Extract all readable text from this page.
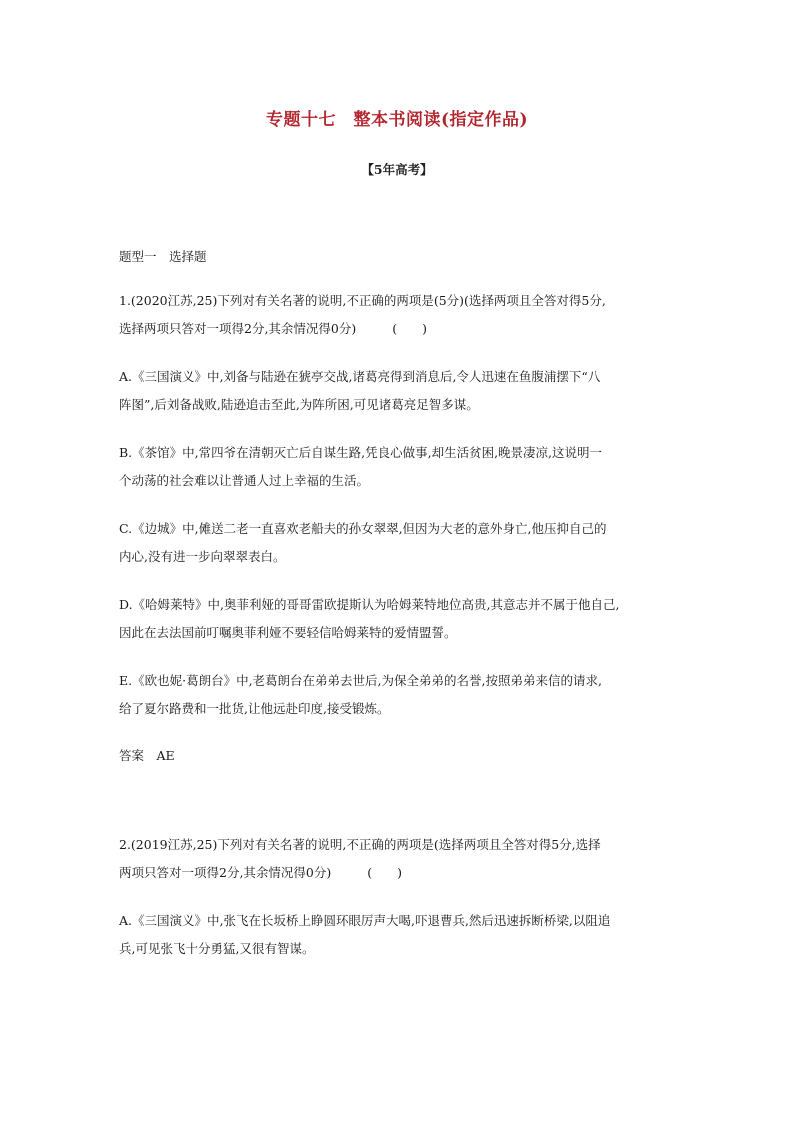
专题十七　整本书阅读(指定作品)
【5年高考】
题型一　选择题
1.(2020江苏,25)下列对有关名著的说明,不正确的两项是(5分)(选择两项且全答对得5分,
选择两项只答对一项得2分,其余情况得0分)	(　　)
A.《三国演义》中,刘备与陆逊在猇亭交战,诸葛亮得到消息后,令人迅速在鱼腹浦摆下“八
阵图”,后刘备战败,陆逊追击至此,为阵所困,可见诸葛亮足智多谋。
B.《茶馆》中,常四爷在清朝灭亡后自谋生路,凭良心做事,却生活贫困,晚景凄凉,这说明一
个动荡的社会难以让普通人过上幸福的生活。
C.《边城》中,傩送二老一直喜欢老船夫的孙女翠翠,但因为大老的意外身亡,他压抑自己的
内心,没有进一步向翠翠表白。
D.《哈姆莱特》中,奥菲利娅的哥哥雷欧提斯认为哈姆莱特地位高贵,其意志并不属于他自己,
因此在去法国前叮嘱奥菲利娅不要轻信哈姆莱特的爱情盟誓。
E.《欧也妮·葛朗台》中,老葛朗台在弟弟去世后,为保全弟弟的名誉,按照弟弟来信的请求,
给了夏尔路费和一批货,让他远赴印度,接受锻炼。
答案　AE
2.(2019江苏,25)下列对有关名著的说明,不正确的两项是(选择两项且全答对得5分,选择
两项只答对一项得2分,其余情况得0分)	(　　)
A.《三国演义》中,张飞在长坂桥上睁圆环眼厉声大喝,吓退曹兵,然后迅速拆断桥梁,以阻追
兵,可见张飞十分勇猛,又很有智谋。
